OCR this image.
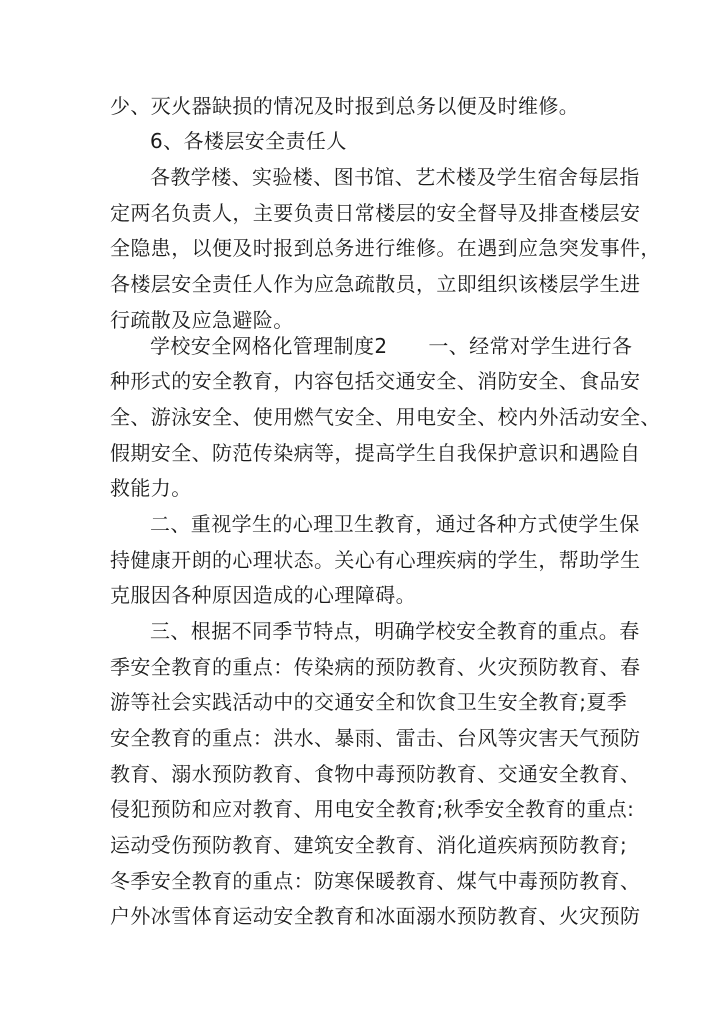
少、灭火器缺损的情况及时报到总务以便及时维修。
6、各楼层安全责任人
各教学楼、实验楼、图书馆、艺术楼及学生宿舍每层指
定两名负责人，主要负责日常楼层的安全督导及排查楼层安
全隐患，以便及时报到总务进行维修。在遇到应急突发事件，
各楼层安全责任人作为应急疏散员，立即组织该楼层学生进
行疏散及应急避险。
学校安全网格化管理制度2　　一、经常对学生进行各
种形式的安全教育，内容包括交通安全、消防安全、食品安
全、游泳安全、使用燃气安全、用电安全、校内外活动安全、
假期安全、防范传染病等，提高学生自我保护意识和遇险自
救能力。
二、重视学生的心理卫生教育，通过各种方式使学生保
持健康开朗的心理状态。关心有心理疾病的学生，帮助学生
克服因各种原因造成的心理障碍。
三、根据不同季节特点，明确学校安全教育的重点。春
季安全教育的重点：传染病的预防教育、火灾预防教育、春
游等社会实践活动中的交通安全和饮食卫生安全教育;夏季
安全教育的重点：洪水、暴雨、雷击、台风等灾害天气预防
教育、溺水预防教育、食物中毒预防教育、交通安全教育、
侵犯预防和应对教育、用电安全教育;秋季安全教育的重点:
运动受伤预防教育、建筑安全教育、消化道疾病预防教育;
冬季安全教育的重点：防寒保暖教育、煤气中毒预防教育、
户外冰雪体育运动安全教育和冰面溺水预防教育、火灾预防
